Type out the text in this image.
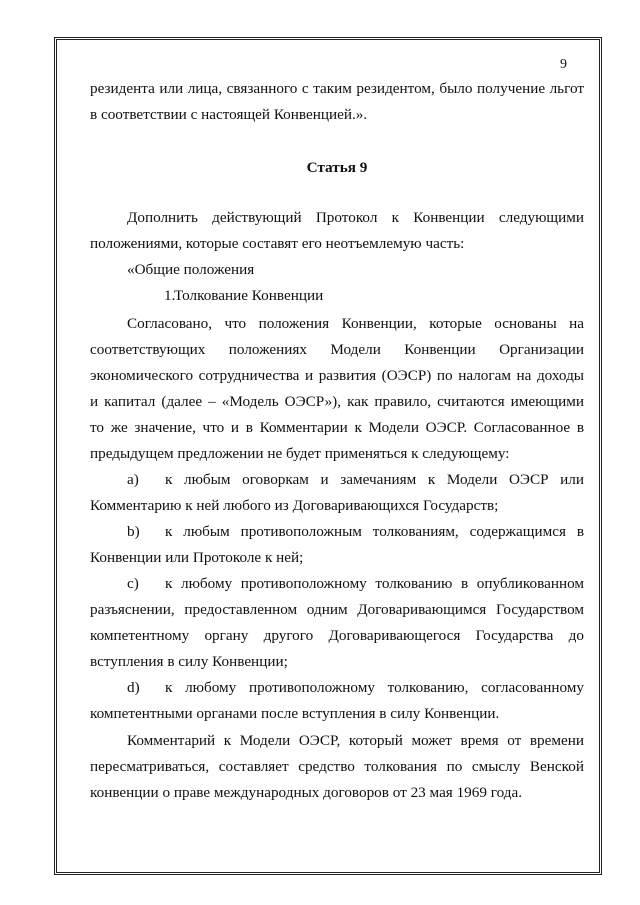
9

резидента или лица, связанного с таким резидентом, было получение льгот

в соответствии с настоящей Конвенцией.».

Статья 9

Дополнить действующий Протокол к Конвенции следующими

положениями, которые составят его неотъемлемую часть:

«Общие положения

1.Толкование Конвенции

Согласовано, что положения Конвенции, которые основаны на

соответствующих положениях Модели Конвенции Организации

экономического сотрудничества и развития (ОЭСР) по налогам на доходы

и капитал (далее – «Модель ОЭСР»), как правило, считаются имеющими

то же значение, что и в Комментарии к Модели ОЭСР. Согласованное в

предыдущем предложении не будет применяться к следующему:

a) к любым оговоркам и замечаниям к Модели ОЭСР или

Комментарию к ней любого из Договаривающихся Государств;

b) к любым противоположным толкованиям, содержащимся в

Конвенции или Протоколе к ней;

c) к любому противоположному толкованию в опубликованном

разъяснении, предоставленном одним Договаривающимся Государством

компетентному органу другого Договаривающегося Государства до

вступления в силу Конвенции;

d) к любому противоположному толкованию, согласованному

компетентными органами после вступления в силу Конвенции.

Комментарий к Модели ОЭСР, который может время от времени

пересматриваться, составляет средство толкования по смыслу Венской

конвенции о праве международных договоров от 23 мая 1969 года.
